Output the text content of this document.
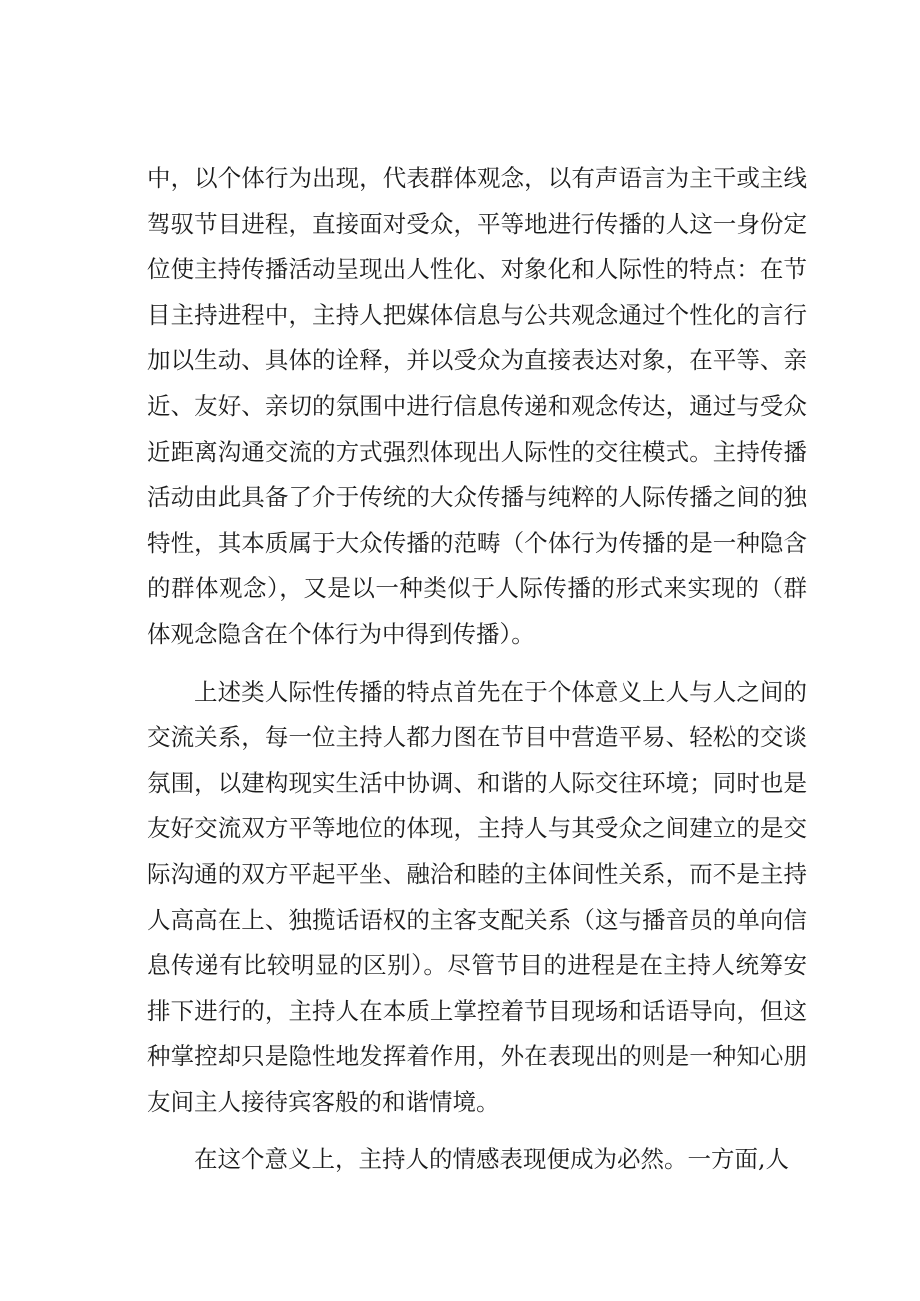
中，以个体行为出现，代表群体观念，以有声语言为主干或主线驾驭节目进程，直接面对受众，平等地进行传播的人这一身份定位使主持传播活动呈现出人性化、对象化和人际性的特点：在节目主持进程中，主持人把媒体信息与公共观念通过个性化的言行加以生动、具体的诠释，并以受众为直接表达对象，在平等、亲近、友好、亲切的氛围中进行信息传递和观念传达，通过与受众近距离沟通交流的方式强烈体现出人际性的交往模式。主持传播活动由此具备了介于传统的大众传播与纯粹的人际传播之间的独特性，其本质属于大众传播的范畴（个体行为传播的是一种隐含的群体观念），又是以一种类似于人际传播的形式来实现的（群体观念隐含在个体行为中得到传播）。

上述类人际性传播的特点首先在于个体意义上人与人之间的交流关系，每一位主持人都力图在节目中营造平易、轻松的交谈氛围，以建构现实生活中协调、和谐的人际交往环境；同时也是友好交流双方平等地位的体现，主持人与其受众之间建立的是交际沟通的双方平起平坐、融洽和睦的主体间性关系，而不是主持人高高在上、独揽话语权的主客支配关系（这与播音员的单向信息传递有比较明显的区别）。尽管节目的进程是在主持人统筹安排下进行的，主持人在本质上掌控着节目现场和话语导向，但这种掌控却只是隐性地发挥着作用，外在表现出的则是一种知心朋友间主人接待宾客般的和谐情境。

在这个意义上，主持人的情感表现便成为必然。一方面,人
